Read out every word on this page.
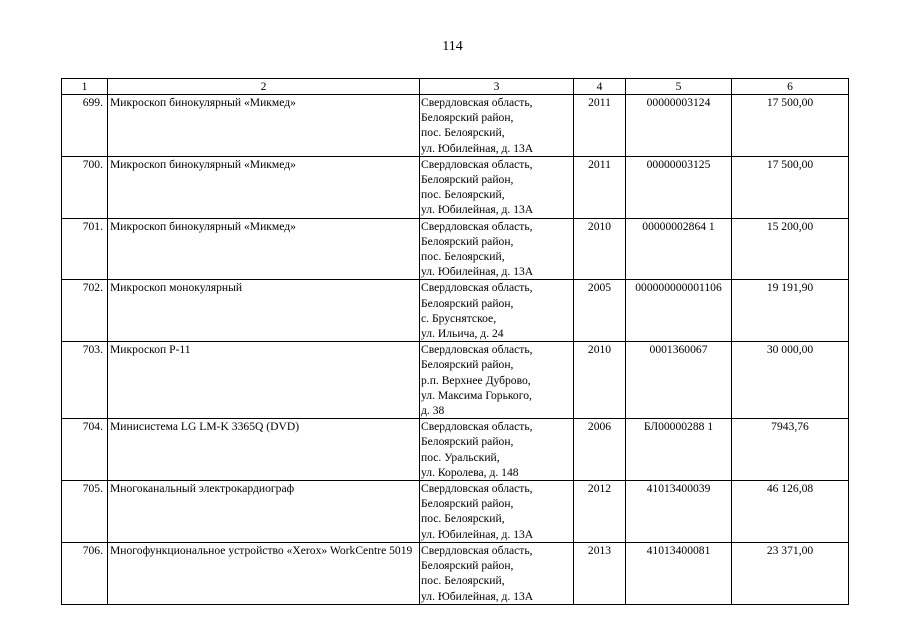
114
1	2	3	4	5	6
699.	Микроскоп бинокулярный «Микмед»	Свердловская область,
Белоярский район,
пос. Белоярский,
ул. Юбилейная, д. 13А	2011	00000003124	17 500,00
700.	Микроскоп бинокулярный «Микмед»	Свердловская область,
Белоярский район,
пос. Белоярский,
ул. Юбилейная, д. 13А	2011	00000003125	17 500,00
701.	Микроскоп бинокулярный «Микмед»	Свердловская область,
Белоярский район,
пос. Белоярский,
ул. Юбилейная, д. 13А	2010	00000002864 1	15 200,00
702.	Микроскоп монокулярный	Свердловская область,
Белоярский район,
с. Бруснятское,
ул. Ильича, д. 24	2005	000000000001106	19 191,90
703.	Микроскоп Р-11	Свердловская область,
Белоярский район,
р.п. Верхнее Дуброво,
ул. Максима Горького,
д. 38	2010	0001360067	30 000,00
704.	Минисистема LG LM-K 3365Q (DVD)	Свердловская область,
Белоярский район,
пос. Уральский,
ул. Королева, д. 148	2006	БЛ00000288 1	7943,76
705.	Многоканальный электрокардиограф	Свердловская область,
Белоярский район,
пос. Белоярский,
ул. Юбилейная, д. 13А	2012	41013400039	46 126,08
706.	Многофункциональное устройство «Xerox» WorkCentre 5019	Свердловская область,
Белоярский район,
пос. Белоярский,
ул. Юбилейная, д. 13А	2013	41013400081	23 371,00
